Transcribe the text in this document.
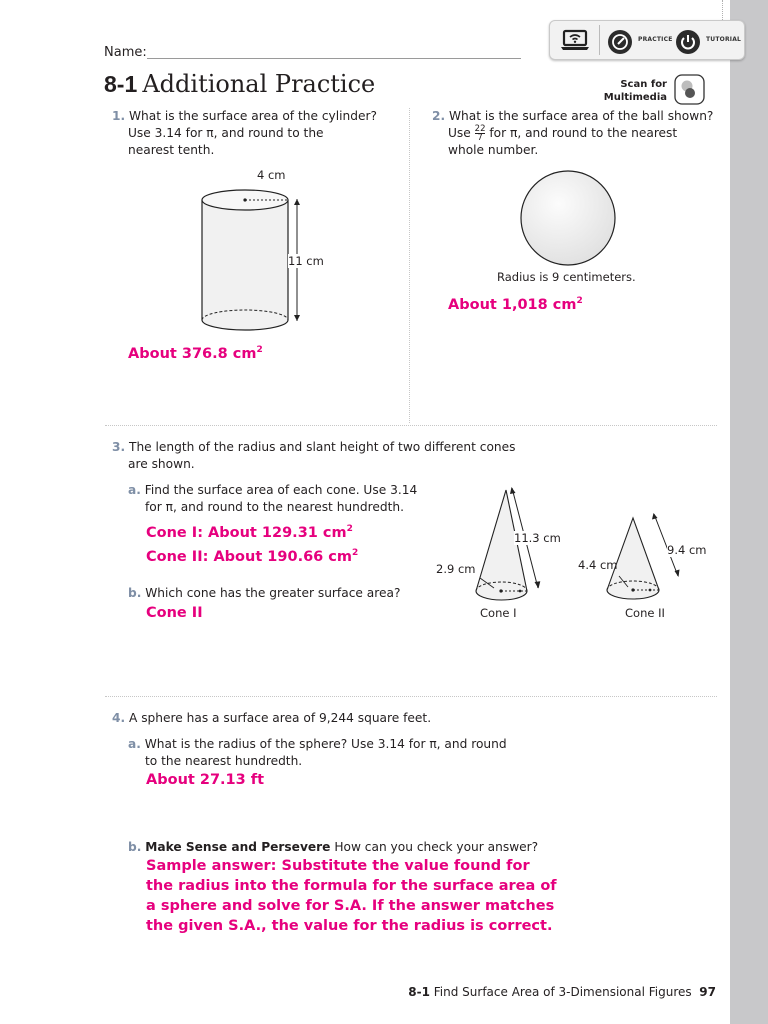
PRACTICE	TUTORIAL
Name:
8-1 Additional Practice	Scan for
Multimedia
1. What is the surface area of the cylinder?
Use 3.14 for π, and round to the
nearest tenth.
4 cm
11 cm
About 376.8 $cm^2$
2. What is the surface area of the ball shown?
Use $\frac{22}{7}$ for π, and round to the nearest
whole number.
Radius is 9 centimeters.
About 1,018 $cm^2$
3. The length of the radius and slant height of two different cones
are shown.
a. Find the surface area of each cone. Use 3.14
for π, and round to the nearest hundredth.
Cone I: About 129.31 $cm^2$
Cone II: About 190.66 $cm^2$
b. Which cone has the greater surface area?
Cone II
11.3 cm
2.9 cm
Cone I
9.4 cm
4.4 cm
Cone II
4. A sphere has a surface area of 9,244 square feet.
a. What is the radius of the sphere? Use 3.14 for π, and round
to the nearest hundredth.
About 27.13 ft
b. Make Sense and Persevere How can you check your answer?
Sample answer: Substitute the value found for
the radius into the formula for the surface area of
a sphere and solve for S.A. If the answer matches
the given S.A., the value for the radius is correct.
8-1 Find Surface Area of 3-Dimensional Figures 97
